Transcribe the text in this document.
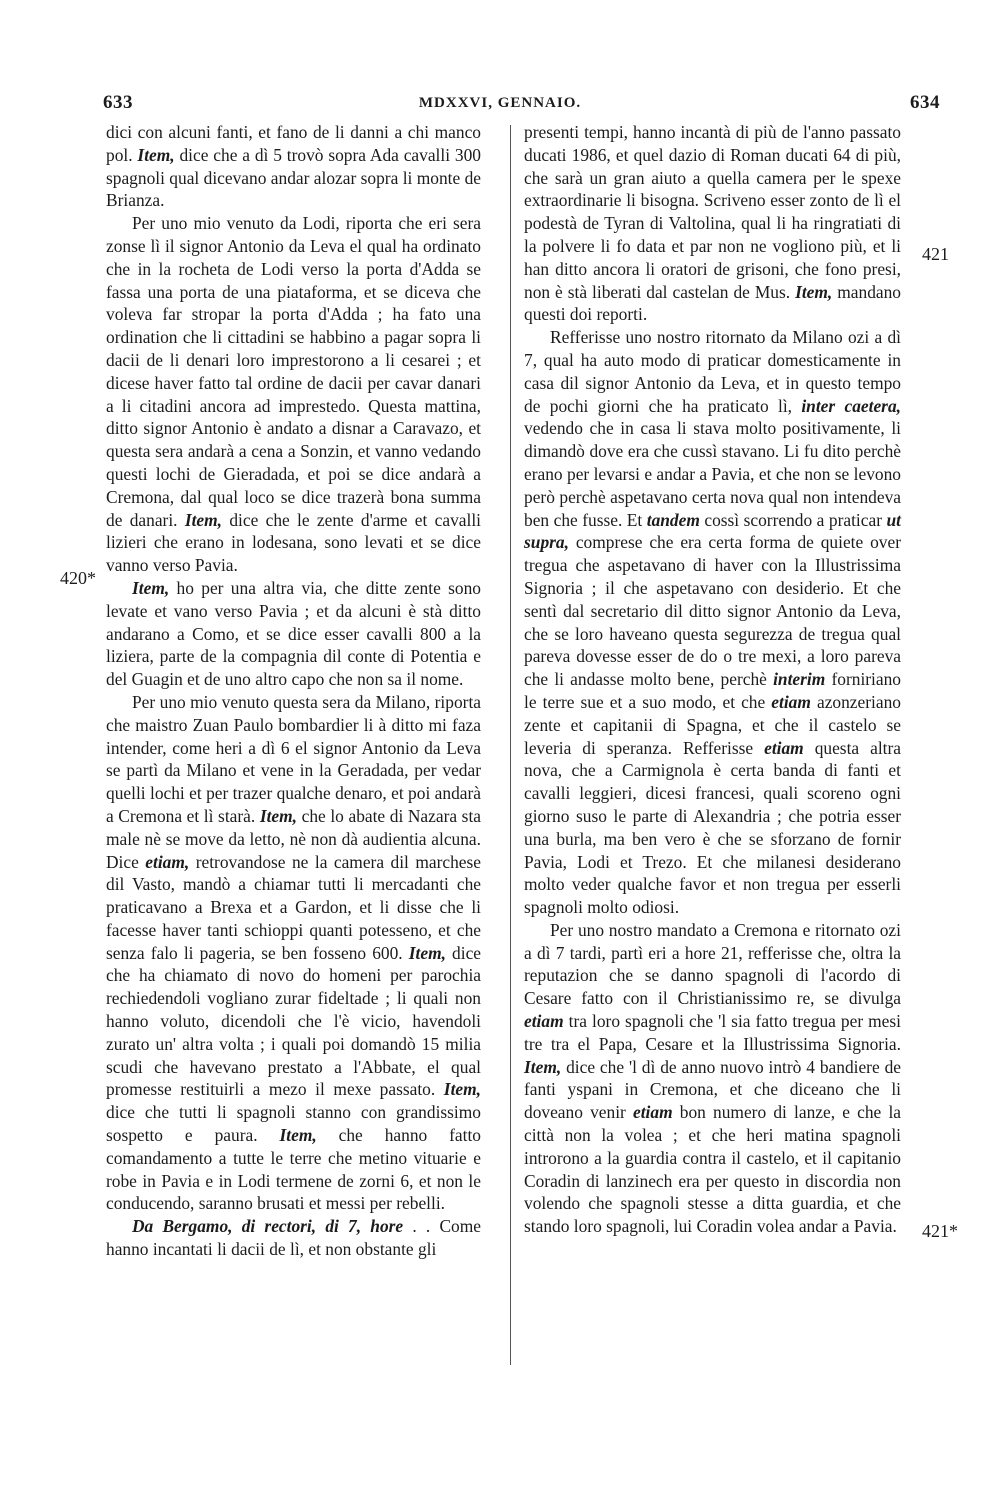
633	MDXXVI, GENNAIO.	634
420*
421
421*

dici con alcuni fanti, et fano de li danni a chi manco pol. Item, dice che a dì 5 trovò sopra Ada cavalli 300 spagnoli qual dicevano andar alozar sopra li monte de Brianza.

Per uno mio venuto da Lodi, riporta che eri sera zonse lì il signor Antonio da Leva el qual ha ordinato che in la rocheta de Lodi verso la porta d'Adda se fassa una porta de una piataforma, et se diceva che voleva far stropar la porta d'Adda ; ha fato una ordination che li cittadini se habbino a pagar sopra li dacii de li denari loro imprestorono a li cesarei ; et dicese haver fatto tal ordine de dacii per cavar danari a li citadini ancora ad imprestedo. Questa mattina, ditto signor Antonio è andato a disnar a Caravazo, et questa sera andarà a cena a Sonzin, et vanno vedando questi lochi de Gieradada, et poi se dice andarà a Cremona, dal qual loco se dice trazerà bona summa de danari. Item, dice che le zente d'arme et cavalli lizieri che erano in lodesana, sono levati et se dice vanno verso Pavia.

Item, ho per una altra via, che ditte zente sono levate et vano verso Pavia ; et da alcuni è stà ditto andarano a Como, et se dice esser cavalli 800 a la liziera, parte de la compagnia dil conte di Potentia e del Guagin et de uno altro capo che non sa il nome.

Per uno mio venuto questa sera da Milano, riporta che maistro Zuan Paulo bombardier li à ditto mi faza intender, come heri a dì 6 el signor Antonio da Leva se partì da Milano et vene in la Geradada, per vedar quelli lochi et per trazer qualche denaro, et poi andarà a Cremona et lì starà. Item, che lo abate di Nazara sta male nè se move da letto, nè non dà audientia alcuna. Dice etiam, retrovandose ne la camera dil marchese dil Vasto, mandò a chiamar tutti li mercadanti che praticavano a Brexa et a Gardon, et li disse che li facesse haver tanti schioppi quanti potesseno, et che senza falo li pageria, se ben fosseno 600. Item, dice che ha chiamato di novo do homeni per parochia rechiedendoli vogliano zurar fideltade ; li quali non hanno voluto, dicendoli che l'è vicio, havendoli zurato un' altra volta ; i quali poi domandò 15 milia scudi che havevano prestato a l'Abbate, el qual promesse restituirli a mezo il mexe passato. Item, dice che tutti li spagnoli stanno con grandissimo sospetto e paura. Item, che hanno fatto comandamento a tutte le terre che metino vituarie e robe in Pavia e in Lodi termene de zorni 6, et non le conducendo, saranno brusati et messi per rebelli.

Da Bergamo, di rectori, di 7, hore . . Come hanno incantati li dacii de lì, et non obstante gli

presenti tempi, hanno incantà di più de l'anno passato ducati 1986, et quel dazio di Roman ducati 64 di più, che sarà un gran aiuto a quella camera per le spexe extraordinarie li bisogna. Scriveno esser zonto de lì el podestà de Tyran di Valtolina, qual li ha ringratiati di la polvere li fo data et par non ne vogliono più, et li han ditto ancora li oratori de grisoni, che fono presi, non è stà liberati dal castelan de Mus. Item, mandano questi doi reporti.

Refferisse uno nostro ritornato da Milano ozi a dì 7, qual ha auto modo di praticar domesticamente in casa dil signor Antonio da Leva, et in questo tempo de pochi giorni che ha praticato lì, inter caetera, vedendo che in casa li stava molto positivamente, li dimandò dove era che cussì stavano. Li fu dito perchè erano per levarsi e andar a Pavia, et che non se levono però perchè aspetavano certa nova qual non intendeva ben che fusse. Et tandem cossì scorrendo a praticar ut supra, comprese che era certa forma de quiete over tregua che aspetavano di haver con la Illustrissima Signoria ; il che aspetavano con desiderio. Et che sentì dal secretario dil ditto signor Antonio da Leva, che se loro haveano questa segurezza de tregua qual pareva dovesse esser de do o tre mexi, a loro pareva che li andasse molto bene, perchè interim forniriano le terre sue et a suo modo, et che etiam azonzeriano zente et capitanii di Spagna, et che il castelo se leveria di speranza. Refferisse etiam questa altra nova, che a Carmignola è certa banda di fanti et cavalli leggieri, dicesi francesi, quali scoreno ogni giorno suso le parte di Alexandria ; che potria esser una burla, ma ben vero è che se sforzano de fornir Pavia, Lodi et Trezo. Et che milanesi desiderano molto veder qualche favor et non tregua per esserli spagnoli molto odiosi.

Per uno nostro mandato a Cremona e ritornato ozi a dì 7 tardi, partì eri a hore 21, refferisse che, oltra la reputazion che se danno spagnoli di l'acordo di Cesare fatto con il Christianissimo re, se divulga etiam tra loro spagnoli che 'l sia fatto tregua per mesi tre tra el Papa, Cesare et la Illustrissima Signoria. Item, dice che 'l dì de anno nuovo intrò 4 bandiere de fanti yspani in Cremona, et che diceano che li doveano venir etiam bon numero di lanze, e che la città non la volea ; et che heri matina spagnoli introrono a la guardia contra il castelo, et il capitanio Coradin di lanzinech era per questo in discordia non volendo che spagnoli stesse a ditta guardia, et che stando loro spagnoli, lui Coradin volea andar a Pavia.
